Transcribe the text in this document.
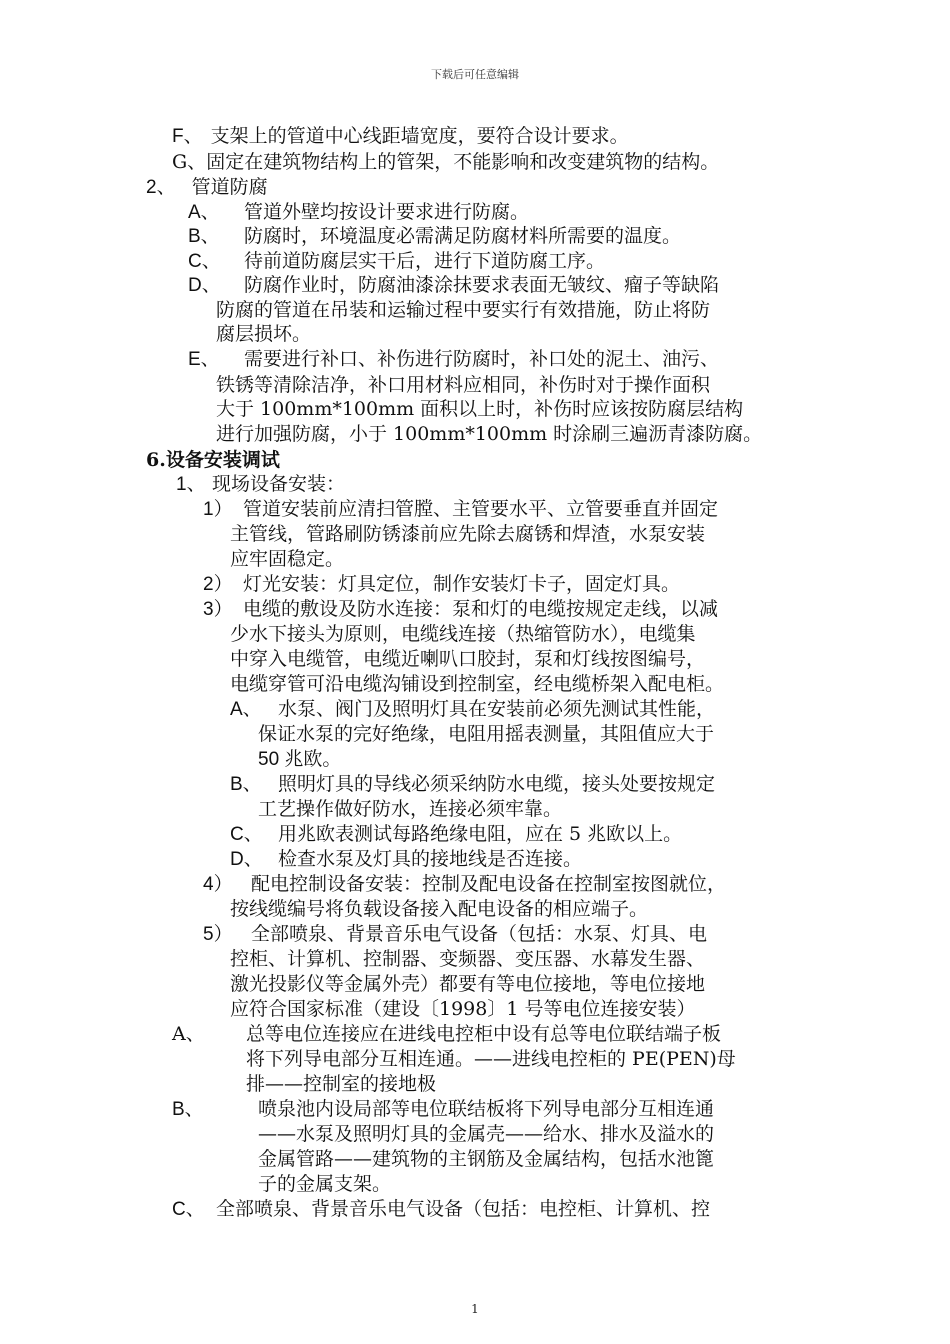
下载后可任意编辑
F、 支架上的管道中心线距墙宽度，要符合设计要求。
G、固定在建筑物结构上的管架，不能影响和改变建筑物的结构。
2、 管道防腐
A、 管道外壁均按设计要求进行防腐。
B、 防腐时，环境温度必需满足防腐材料所需要的温度。
C、 待前道防腐层实干后，进行下道防腐工序。
D、 防腐作业时，防腐油漆涂抹要求表面无皱纹、瘤子等缺陷
防腐的管道在吊装和运输过程中要实行有效措施，防止将防
腐层损坏。
E、 需要进行补口、补伤进行防腐时，补口处的泥土、油污、
铁锈等清除洁净，补口用材料应相同，补伤时对于操作面积
大于 100mm*100mm 面积以上时，补伤时应该按防腐层结构
进行加强防腐，小于 100mm*100mm 时涂刷三遍沥青漆防腐。
6.设备安装调试
1、 现场设备安装：
1） 管道安装前应清扫管膛、主管要水平、立管要垂直并固定
主管线，管路刷防锈漆前应先除去腐锈和焊渣，水泵安装
应牢固稳定。
2） 灯光安装：灯具定位，制作安装灯卡子，固定灯具。
3） 电缆的敷设及防水连接：泵和灯的电缆按规定走线，以减
少水下接头为原则，电缆线连接（热缩管防水），电缆集
中穿入电缆管，电缆近喇叭口胶封，泵和灯线按图编号，
电缆穿管可沿电缆沟铺设到控制室，经电缆桥架入配电柜。
A、 水泵、阀门及照明灯具在安装前必须先测试其性能，
保证水泵的完好绝缘，电阻用摇表测量，其阻值应大于
50 兆欧。
B、 照明灯具的导线必须采纳防水电缆，接头处要按规定
工艺操作做好防水，连接必须牢靠。
C、 用兆欧表测试每路绝缘电阻，应在 5 兆欧以上。
D、 检查水泵及灯具的接地线是否连接。
4） 配电控制设备安装：控制及配电设备在控制室按图就位，
按线缆编号将负载设备接入配电设备的相应端子。
5） 全部喷泉、背景音乐电气设备（包括：水泵、灯具、电
控柜、计算机、控制器、变频器、变压器、水幕发生器、
激光投影仪等金属外壳）都要有等电位接地，等电位接地
应符合国家标准（建设〔1998〕1 号等电位连接安装）
A、 总等电位连接应在进线电控柜中设有总等电位联结端子板
将下列导电部分互相连通。——进线电控柜的 PE(PEN)母
排——控制室的接地极
B、	喷泉池内设局部等电位联结板将下列导电部分互相连通
——水泵及照明灯具的金属壳——给水、排水及溢水的
金属管路——建筑物的主钢筋及金属结构，包括水池篦
子的金属支架。
C、 全部喷泉、背景音乐电气设备（包括：电控柜、计算机、控
1
